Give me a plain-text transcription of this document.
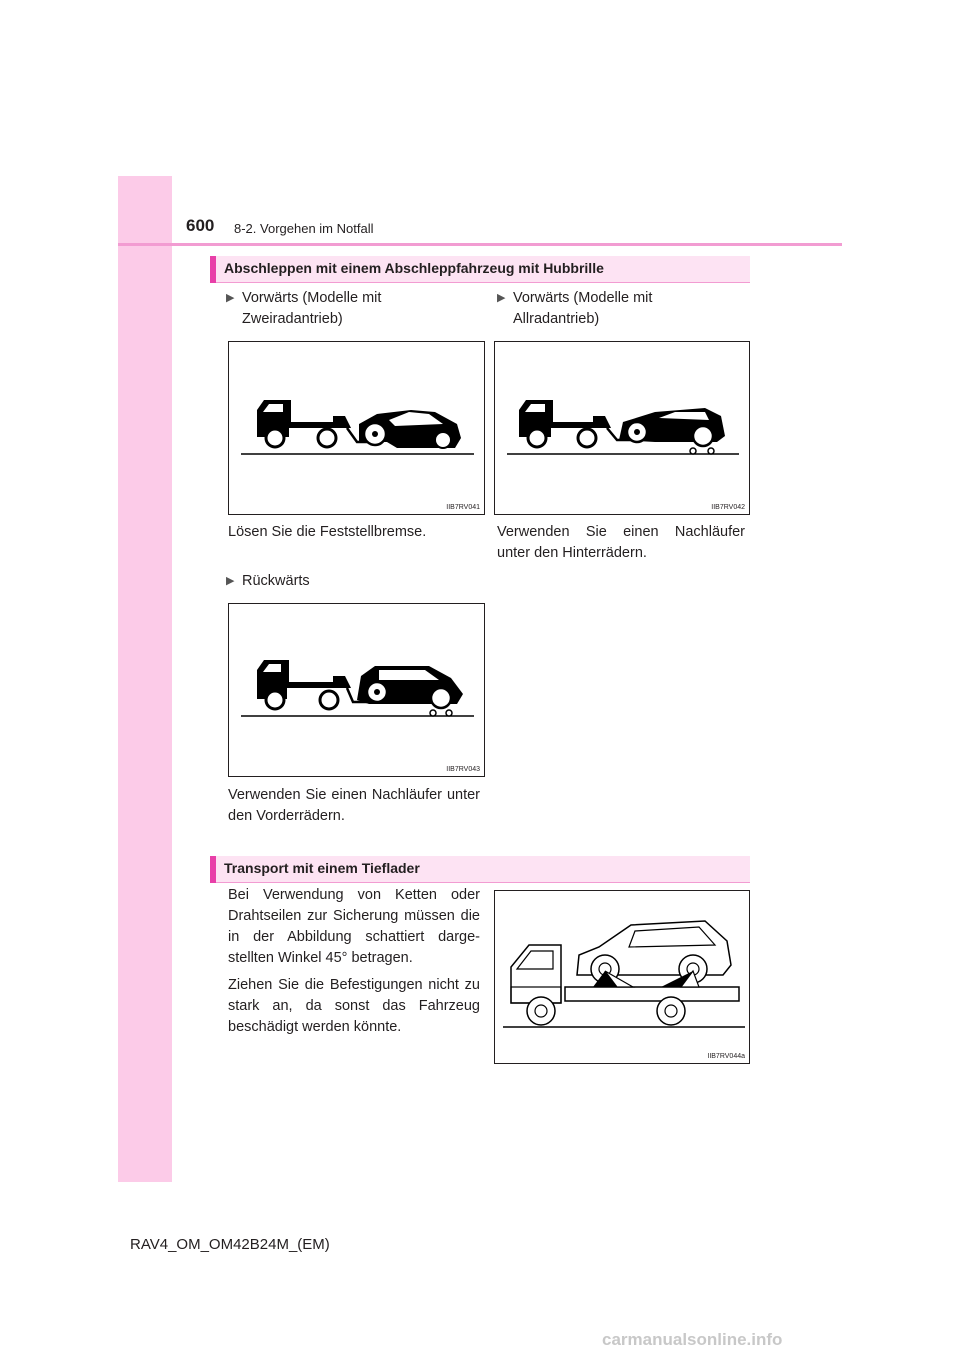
600 8-2. Vorgehen im Notfall
Abschleppen mit einem Abschleppfahrzeug mit Hubbrille
▶ Vorwärts (Modelle mit Zweiradantrieb)
▶ Vorwärts (Modelle mit Allradantrieb)
IIB7RV041	IIB7RV042
Lösen Sie die Feststellbremse.	Verwenden Sie einen Nachläufer unter den Hinterrädern.
▶ Rückwärts
IIB7RV043
Verwenden Sie einen Nachläufer unter den Vorderrädern.
Transport mit einem Tieflader
Bei Verwendung von Ketten oder Drahtseilen zur Sicherung müssen die in der Abbildung schattiert darge-stellten Winkel 45° betragen.
Ziehen Sie die Befestigungen nicht zu stark an, da sonst das Fahrzeug beschädigt werden könnte.
IIB7RV044a
RAV4_OM_OM42B24M_(EM)
carmanualsonline.info
